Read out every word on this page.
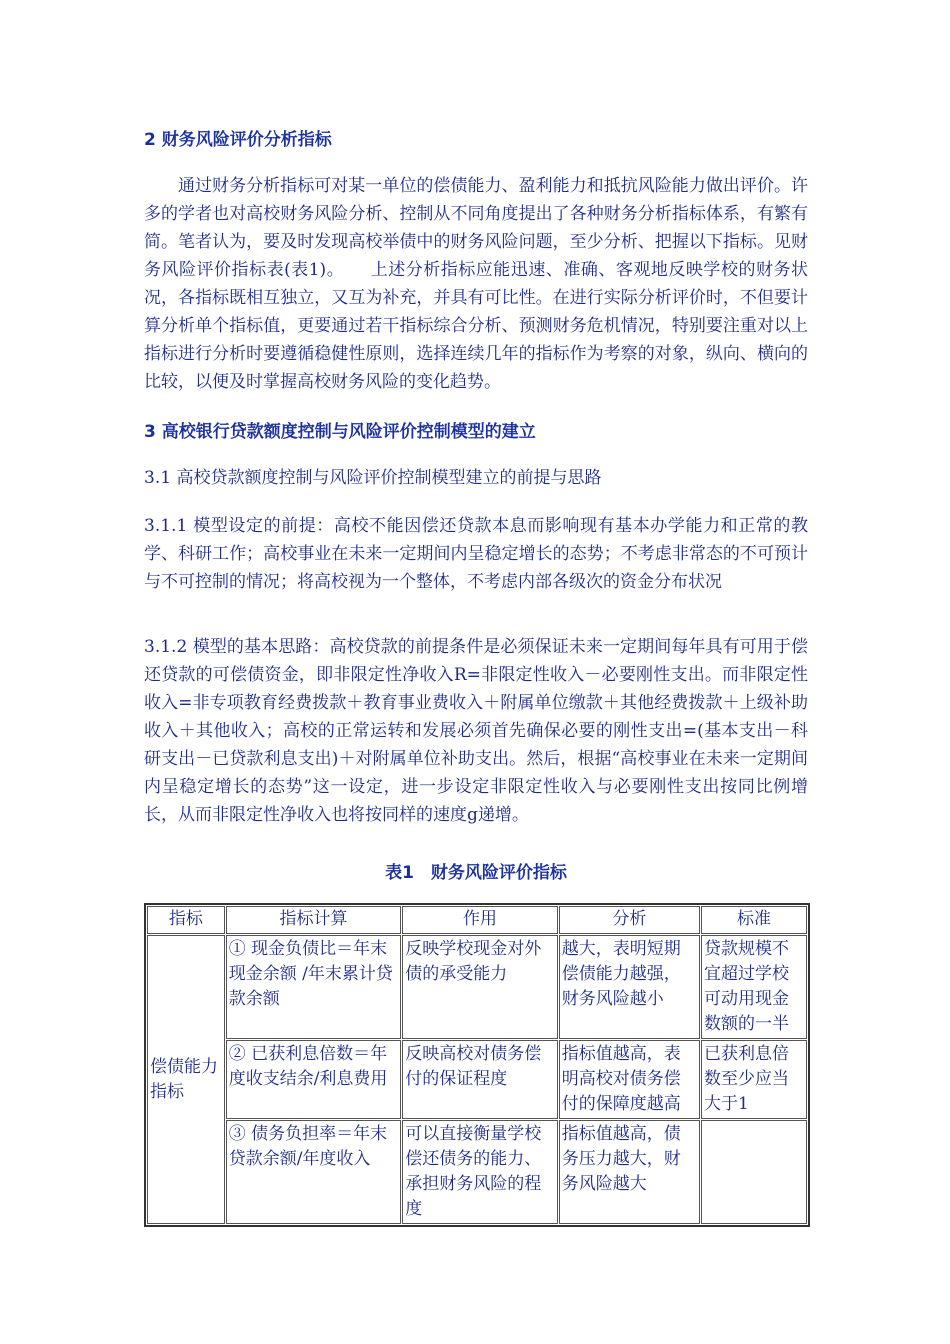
2 财务风险评价分析指标
通过财务分析指标可对某一单位的偿债能力、盈利能力和抵抗风险能力做出评价。许多的学者也对高校财务风险分析、控制从不同角度提出了各种财务分析指标体系，有繁有简。笔者认为，要及时发现高校举债中的财务风险问题，至少分析、把握以下指标。见财务风险评价指标表(表1)。　　上述分析指标应能迅速、准确、客观地反映学校的财务状况，各指标既相互独立，又互为补充，并具有可比性。在进行实际分析评价时，不但要计算分析单个指标值，更要通过若干指标综合分析、预测财务危机情况，特别要注重对以上指标进行分析时要遵循稳健性原则，选择连续几年的指标作为考察的对象，纵向、横向的比较，以便及时掌握高校财务风险的变化趋势。
3 高校银行贷款额度控制与风险评价控制模型的建立
3.1 高校贷款额度控制与风险评价控制模型建立的前提与思路
3.1.1 模型设定的前提：高校不能因偿还贷款本息而影响现有基本办学能力和正常的教学、科研工作；高校事业在未来一定期间内呈稳定增长的态势；不考虑非常态的不可预计与不可控制的情况；将高校视为一个整体，不考虑内部各级次的资金分布状况
3.1.2 模型的基本思路：高校贷款的前提条件是必须保证未来一定期间每年具有可用于偿还贷款的可偿债资金，即非限定性净收入R=非限定性收入－必要刚性支出。而非限定性收入=非专项教育经费拨款＋教育事业费收入＋附属单位缴款＋其他经费拨款＋上级补助收入＋其他收入；高校的正常运转和发展必须首先确保必要的刚性支出=(基本支出－科研支出－已贷款利息支出)＋对附属单位补助支出。然后，根据“高校事业在未来一定期间内呈稳定增长的态势”这一设定，进一步设定非限定性收入与必要刚性支出按同比例增长，从而非限定性净收入也将按同样的速度g递增。
表1　财务风险评价指标
指标	指标计算	作用	分析	标准
偿债能力指标	① 现金负债比＝年末现金余额 /年末累计贷款余额	反映学校现金对外债的承受能力	越大，表明短期偿债能力越强，财务风险越小	贷款规模不宜超过学校可动用现金数额的一半
	② 已获利息倍数＝年度收支结余/利息费用	反映高校对债务偿付的保证程度	指标值越高，表明高校对债务偿付的保障度越高	已获利息倍数至少应当大于1
	③ 债务负担率＝年末贷款余额/年度收入	可以直接衡量学校偿还债务的能力、承担财务风险的程度	指标值越高，债务压力越大，财务风险越大	
